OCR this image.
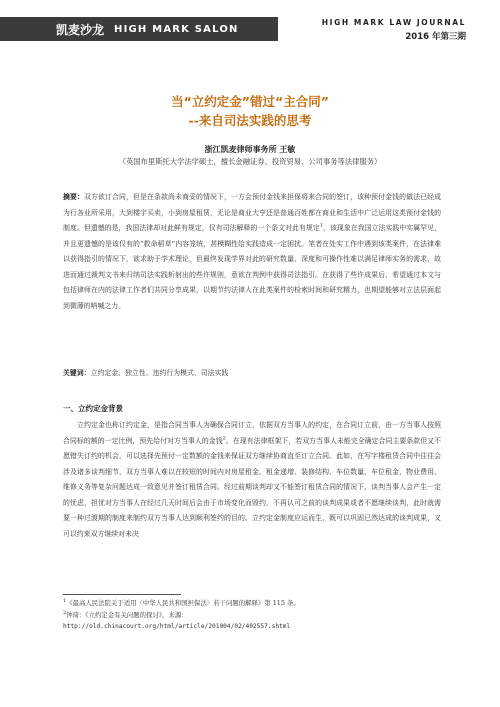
凯麦沙龙 HIGH MARK SALON
HIGH MARK LAW JOURNAL
2016 年第三期
当“立约定金”错过“主合同”
--来自司法实践的思考
浙江凯麦律师事务所 王敏
（英国布里斯托大学法学硕士，擅长金融证券、投资贸易、公司事务等法律服务）

摘要：双方欲订合同，但是在条款尚未商妥的情况下，一方会预付金钱来担保将来合同的签订，该种预付金钱的做法已经成为行各业所采用，大到楼宇买卖，小到房屋租赁，无论是商业大亨还是普通百姓都在商业和生活中广泛运用这类预付金钱的制度。但遗憾的是，我国法律却对此鲜有规定，仅有司法解释的一个条文对此有规定$^1$，该现象在我国立法实践中实属罕见，并且更遗憾的是该仅有的“救命稻草”内容笼统，甚模糊性给实践造成一定困扰。笔者在处实工作中遇到该类案件，在法律难以获得指引的情况下，欲求助于学术理论，但最终发现学界对此的研究数量、深度和可操作性难以满足律师实务的需求，故进而通过裁判文书来归纳司法实践斩射出的些许规则，意欲在判例中获得司法指引。在获得了些许成果后，希望通过本文与包括律师在内的法律工作者们共同分享成果，以期节约法律人在此类案件的检索时间和研究精力，也期望能够对立法层面起到微薄的呐喊之力。

关键词：立约定金、独立性、违约行为模式、司法实践

一、立约定金背景

立约定金也称订约定金，是指合同当事人为确保合同订立，依据双方当事人的约定，在合同订立前，由一方当事人按照合同标的额的一定比例，预先给付对方当事人的金钱$^2$。在现有法律框架下，若双方当事人未能完全确定合同主要条款但又不愿错失订约的机会，可以选择先预付一定数额的金钱来保证双方继续协商直至订立合同。此如，在写字楼租赁合同中往往会涉及诸多谈判细节，双方当事人难以在较短的时间内对房屋租金、租金递增、装修结构、车位数量、车位租金、物业费用、维修义务等复杂问题达成一致意见并签订租赁合同。经过前期谈判却又不能签订租赁合同的情况下，谈判当事人会产生一定的忧虑，担忧对方当事人在经过几天时间后会由于市场变化而毁约，不再认可之前的谈判成果或者不愿继续谈判，此时就需要一种过渡期的制度来制约双方当事人达到顺利签约的目的。立约定金制度应运而生，既可以巩固已然达成的谈判成果，又可以约束双方继续对未决

$^1$《最高人民法院关于适用〈中华人民共和国担保法〉若干问题的解释》第 115 条。
$^2$钟琦：《立约定金有关问题的探讨》，来源：
http://old.chinacourt.org/html/article/201004/02/402557.shtml
